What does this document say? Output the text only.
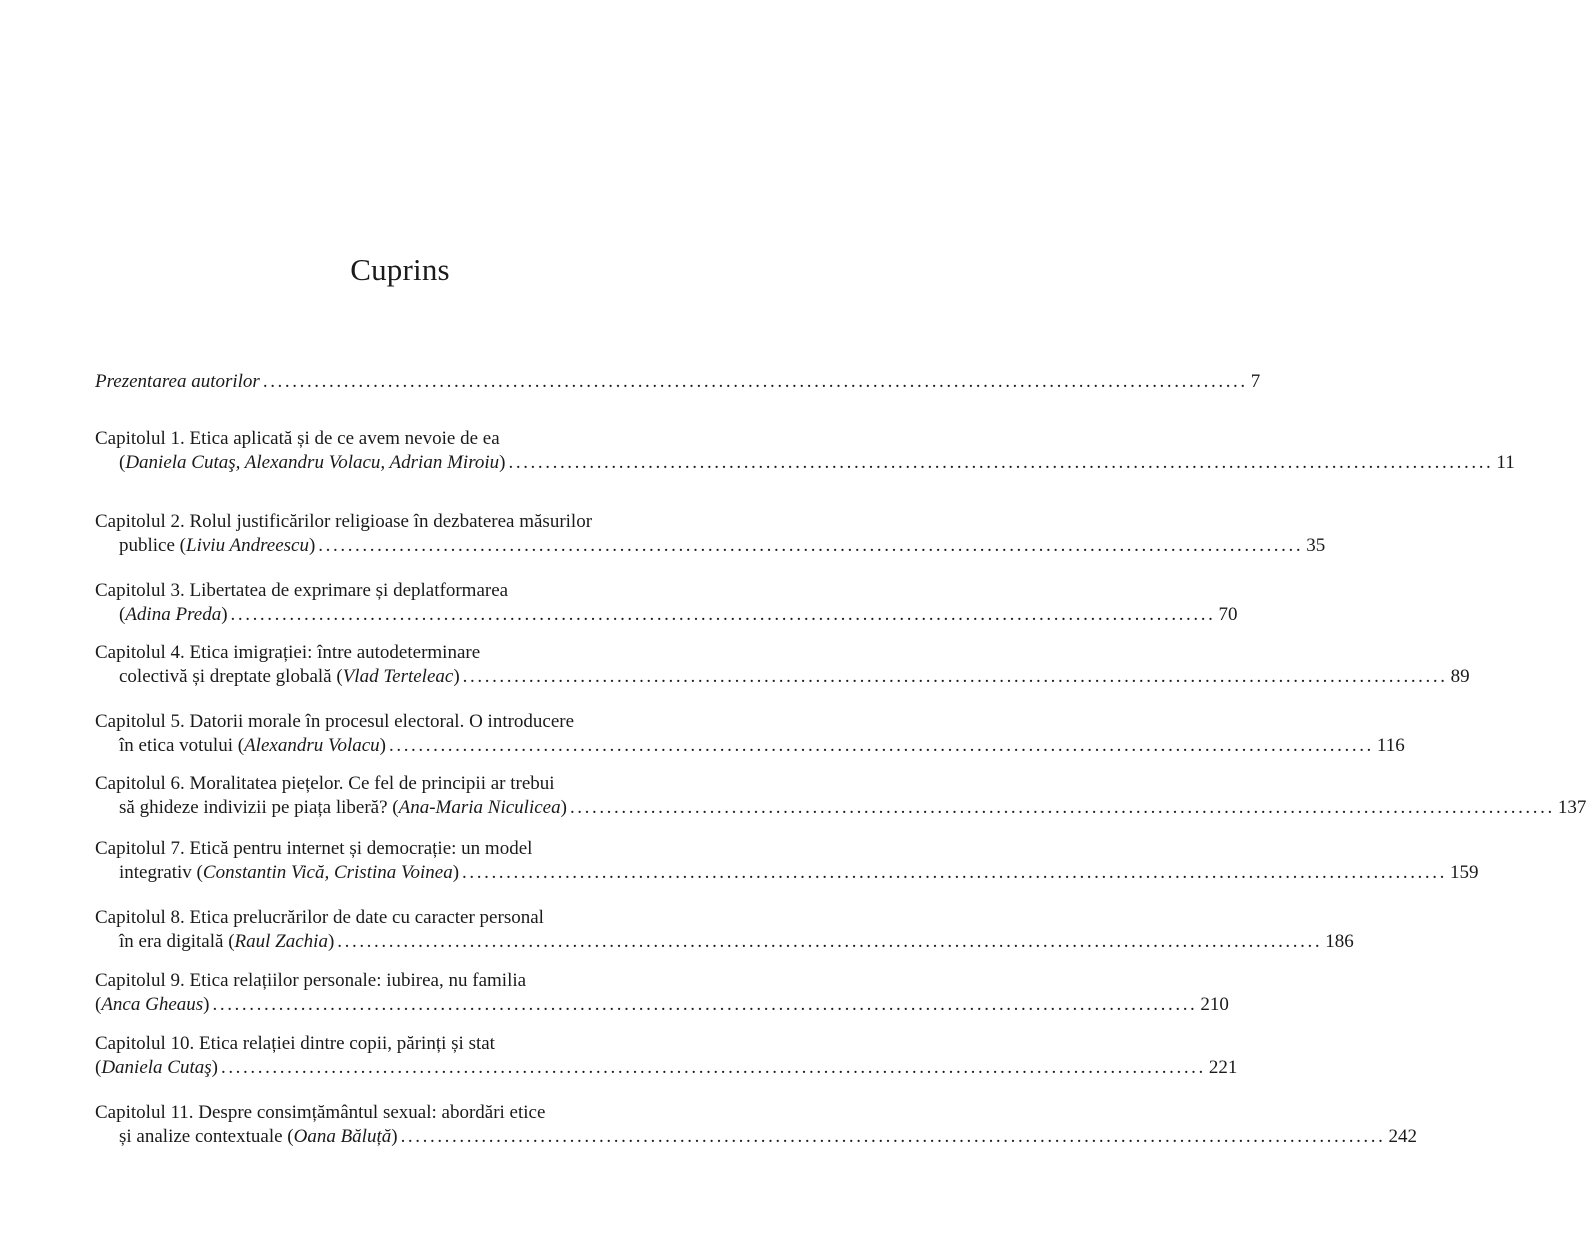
Cuprins
Prezentarea autorilor ...................................................................................................................................... 7
Capitolul 1. Etica aplicată și de ce avem nevoie de ea
( Daniela Cutaş, Alexandru Volacu, Adrian Miroiu ) ...................................................................................................................................... 11
Capitolul 2. Rolul justificărilor religioase în dezbaterea măsurilor
publice ( Liviu Andreescu ) ...................................................................................................................................... 35
Capitolul 3. Libertatea de exprimare și deplatformarea
( Adina Preda ) ...................................................................................................................................... 70
Capitolul 4. Etica imigrației: între autodeterminare
colectivă și dreptate globală ( Vlad Terteleac ) ...................................................................................................................................... 89
Capitolul 5. Datorii morale în procesul electoral. O introducere
în etica votului ( Alexandru Volacu ) ...................................................................................................................................... 116
Capitolul 6. Moralitatea piețelor. Ce fel de principii ar trebui
să ghideze indivizii pe piața liberă? ( Ana-Maria Niculicea ) ...................................................................................................................................... 137
Capitolul 7. Etică pentru internet și democrație: un model
integrativ ( Constantin Vică, Cristina Voinea ) ...................................................................................................................................... 159
Capitolul 8. Etica prelucrărilor de date cu caracter personal
în era digitală ( Raul Zachia ) ...................................................................................................................................... 186
Capitolul 9. Etica relațiilor personale: iubirea, nu familia
( Anca Gheaus ) ...................................................................................................................................... 210
Capitolul 10. Etica relației dintre copii, părinți și stat
( Daniela Cutaş ) ...................................................................................................................................... 221
Capitolul 11. Despre consimțământul sexual: abordări etice
și analize contextuale ( Oana Băluță ) ...................................................................................................................................... 242
